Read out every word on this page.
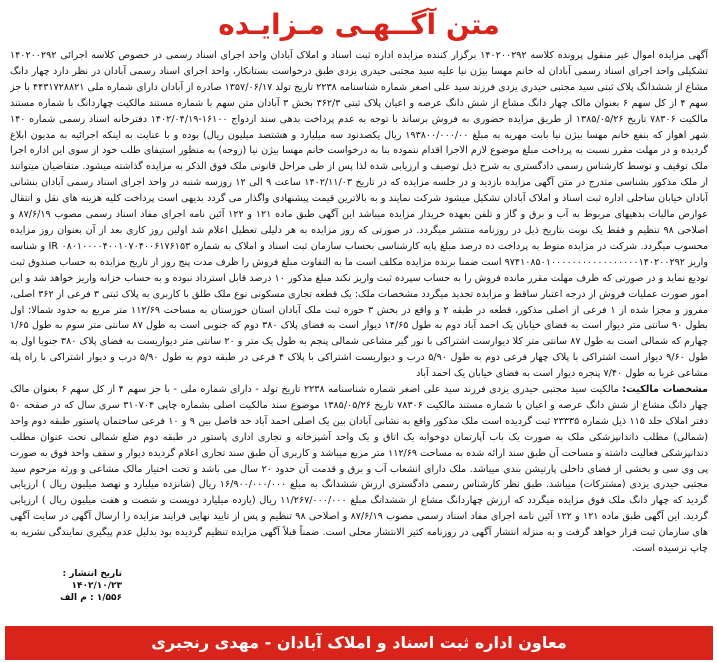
متن آگــهـی مـزایـده

آگهی مزایده اموال غیر منقول پرونده کلاسه ۱۴۰۲۰۰۲۹۲ برگزار کننده مزایده اداره ثبت اسناد و املاک آبادان واحد اجرای اسناد رسمی در خصوص کلاسه اجرائی ۱۴۰۲۰۰۲۹۲ تشکیلی واحد اجرای اسناد رسمی آبادان له خانم مهسا بیژن نیا علیه سید مجتبی حیدری یزدی طبق درخواست بستانکار، واحد اجرای اسناد رسمی آبادان در نظر دارد چهار دانگ مشاع از ششدانگ پلاک ثبتی سید مجتبی حیدری یزدی فرزند سید علی اصغر شماره شناسنامه ۲۲۳۸ تاریخ تولد ۱۳۵۷/۰۶/۱۷ صادره از آبادان دارای شماره ملی ۴۴۳۱۷۲۸۸۲۱ با جز سهم ۴ از کل سهم ۶ بعنوان مالک چهار دانگ مشاع از شش دانگ عرصه و اعیان پلاک ثبتی ۳۶۲/۳ بخش ۳ آبادان متن سهم با شماره مستند مالکیت چهاردانگ با شماره مستند مالکیت ۷۸۳۰۶ تاریخ ۱۳۸۵/۰۵/۲۶ از طریق مزایده حضوری به فروش برساند با توجه به عدم پرداخت بدهی سند ازدواج ۱۶۱۰۰-۱۴۰۲/۰۴/۱۹ دفترخانه اسناد رسمی شماره ۱۴۰ شهر اهواز که بنفع خانم مهسا بیژن نیا بابت مهریه به مبلغ ۱۹۳۸۰۰/۰۰۰/۰۰ ریال یکصدنود سه میلیارد و هشتصد میلیون ریال) بوده و با عنایت به اینکه اجرائیه به مدیون ابلاغ گردیده و در مهلت مقرر نسبت به پرداخت مبلغ موضوع لازم الاجرا اقدام ننموده بنا به درخواست خانم مهسا بیژن نیا (زوجه) به منظور استیفای طلب خود از سوی این اداره اجرا ملک توقیف و توسط کارشناس رسمی دادگستری به شرح ذیل توصیف و ارزیابی شده لذا پس از طی مراحل قانونی ملک فوق الذکر به مزایده گذاشته میشود. متقاضیان میتوانند از ملک مذکور بشناسی متدرج در متن آگهی مزایده بازدید و در جلسه مزایده که در تاریخ ۱۴۰۲/۱۱/۰۳ ساعت ۹ الی ۱۲ روزسه شنبه در واحد اجرای اسناد رسمی آبادان بنشانی آبادان خیابان ساحلی اداره ثبت اسناد و املاک آبادان تشکیل میشود شرکت نمایند و به بالاترین قیمت پیشنهادی واگذار می گردد بدیهی است پرداخت کلیه هزینه های نقل و انتقال عوارض مالیات بدهیهای مربوط به آب و برق و گاز و تلفن بعهده خریدار مزایده میباشد این آگهی طبق ماده ۱۲۱ و ۱۲۲ آئین نامه اجرای مفاد اسناد رسمی مصوب ۸۷/۶/۱۹ و اصلاحی ۹۸ تنظیم و فقط یک نوبت بتاریخ ذیل در روزنامه منتشر میگردد. در صورتی که روز مزایده به هر دلیلی تعطیل اعلام شد اولین روز کاری بعد از آن بعنوان روز مزایده محسوب میگردد. شرکت در مزایده منوط به پرداخت ده درصد مبلغ پایه کارشناسی بحساب سازمان ثبت اسناد و املاک به شماره IR ۰۸۰۱۰۰۰۰۴۰۰۱۰۷۰۴۰۰۶۱۷۶۱۵۳ و شناسه واریز ۹۷۴۱۰۸۵۰۱۰۰۰۰۰۰۰۰۰۰۰۰۰۰۰۰۰۱۴۰۲۰۰۲۹۲ است ضمنا برنده مزایده مکلف است ما به التفاوت مبلغ فروش را ظرف مدت پنج روز از تاریخ مزایده به حساب صندوق ثبت تودیع نماید و در صورتی که ظرف مهلت مقرر مانده فروش را به حساب سپرده ثبت واریز نکند مبلغ مذکور ۱۰ درصد قابل استرداد نبوده و به حساب خزانه واریز خواهد شد و این امور صورت عملیات فروش از درجه اعتبار ساقط و مزایده تجدید میگردد مشخصات ملک: یک قطعه تجاری مسکونی نوع ملک طلق با کاربری به پلاک ثبتی ۳ فرعی از ۳۶۲ اصلی، مفروز و مجزا شده از ۱ فرعی از اصلی مذکور، قطعه در طبقه ۲ و واقع در بخش ۳ حوزه ثبت ملک آبادان استان خوزستان به مساحت ۱۱۲/۶۹ متر مربع به حدود شمالا: اول بطول ۹۰ سانتی متر دیوار است به فضای خیابان یک احمد آباد دوم به طول ۱۴/۶۵ دیوار است به فضای پلاک ۳۸۰ دوم که جنوبی است به طول ۸۷ سانتی متر سوم به طول ۱/۶۵ چهارم که شمالی است به طول ۸۷ سانتی متر کلا دیوارست اشتراکی با نور گیر مشاعی شمالی پنجم به طول یک متر و ۲۰ سانتی متر دیواریست به فضای پلاک ۳۸۰ جنوبا اول به طول ۹/۶۰ دیوار است اشتراکی با پلاک چهار فرعی دوم به طول ۵/۹۰ درب و دیواریست اشتراکی با پلاک ۴ فرعی در طبقه دوم به طول ۵/۹۰ درب و دیوار اشتراکی با راه پله مشاعی غربا به طول ۷/۴۰ پنجره دیوار است به فضای خیابان یک احمد آباد

مشخصات مالکیت: مالکیت سید مجتبی حیدری یزدی فرزند سید علی اصغر شماره شناسنامه ۲۲۳۸ تاریخ تولد - دارای شماره ملی - با جز سهم ۴ از کل سهم ۶ بعنوان مالک چهار دانگ مشاع از شش دانگ عرصه و اعیان با شماره مستند مالکیت ۷۸۳۰۶ تاریخ ۱۳۸۵/۰۵/۲۶ موضوع سند مالکیت اصلی بشماره چاپی ۳۱۰۷۰۴ سری سال که در صفحه ۵۰ دفتر املاک جلد ۱۱۵ ذیل شماره ۲۳۳۳۵ ثبت گردیده است ملک مذکور واقع به نشانی آبادان بین یک اصلی احمد آباد حد فاصل بین ۹ و ۱۰ فرعی ساختمان پاستور طبقه دوم واحد (شمالی) مطلب داندانپزشکی ملک به صورت یک باب آپارتمان دوخوابه یک اتاق و یک واحد آشپزخانه و تجاری اداری پاستور در طبقه دوم ضلع شمالی تحت عنوان مطلب دندانپزشکی فعالیت داشته و مساحت آن طبق سند ارائه شده به مساحت ۱۱۲/۶۹ متر مربع میباشد و کاربری آن طبق سند تجاری اعلام گردیده دیوار و سقف واحد فوق به صورت پی وی سی و بخشی از فضای داخلی پارتیشن بندی میباشد. ملک دارای انشعاب آب و برق و قدمت آن حدود ۲۰ سال می باشد و تحت اختیار مالک مشاعی و ورثه مرحوم سید مجتبی حیدری یزدی (مشترکات) میباشد. طبق نظر کارشناس رسمی دادگستری ارزش ششدانگ به مبلغ ۱۶/۹۰۰/۰۰۰/۰۰۰ ریال (شانزده میلیارد و نهصد میلیون ریال ) ارزیابی گردید که چهار دانگ ملک فوق مزایده میگردد که ارزش چهاردانگ مشاع از ششدانگ مبلغ ۱۱/۲۶۷/۰۰۰/۰۰۰ ریال (یازده میلیارد دویست و شصت و هفت میلیون ریال ) ارزیابی گردید. این آگهی طبق ماده ۱۲۱ و ۱۲۲ آئین نامه اجرای مفاد اسناد رسمی مصوب ۸۷/۶/۱۹ و اصلاحی ۹۸ تنظیم و پس از تایید نهایی فرایند مزایده را ارسال آگهی در سایت آگهی های سازمان ثبت قرار خواهد گرفت و به منزله انتشار آگهی در روزنامه کثیر الانتشار محلی است. ضمناً قبلاً آگهی مزایده تنظیم گردیده بود بدلیل عدم پیگیری نمایندگی نشریه به چاپ نرسیده است.

تاریخ انتشار : ۱۴۰۲/۱۰/۲۳
۱/۵۵۶ : م الف
معاون اداره ثبت اسناد و املاک آبادان - مهدی رنجبری
